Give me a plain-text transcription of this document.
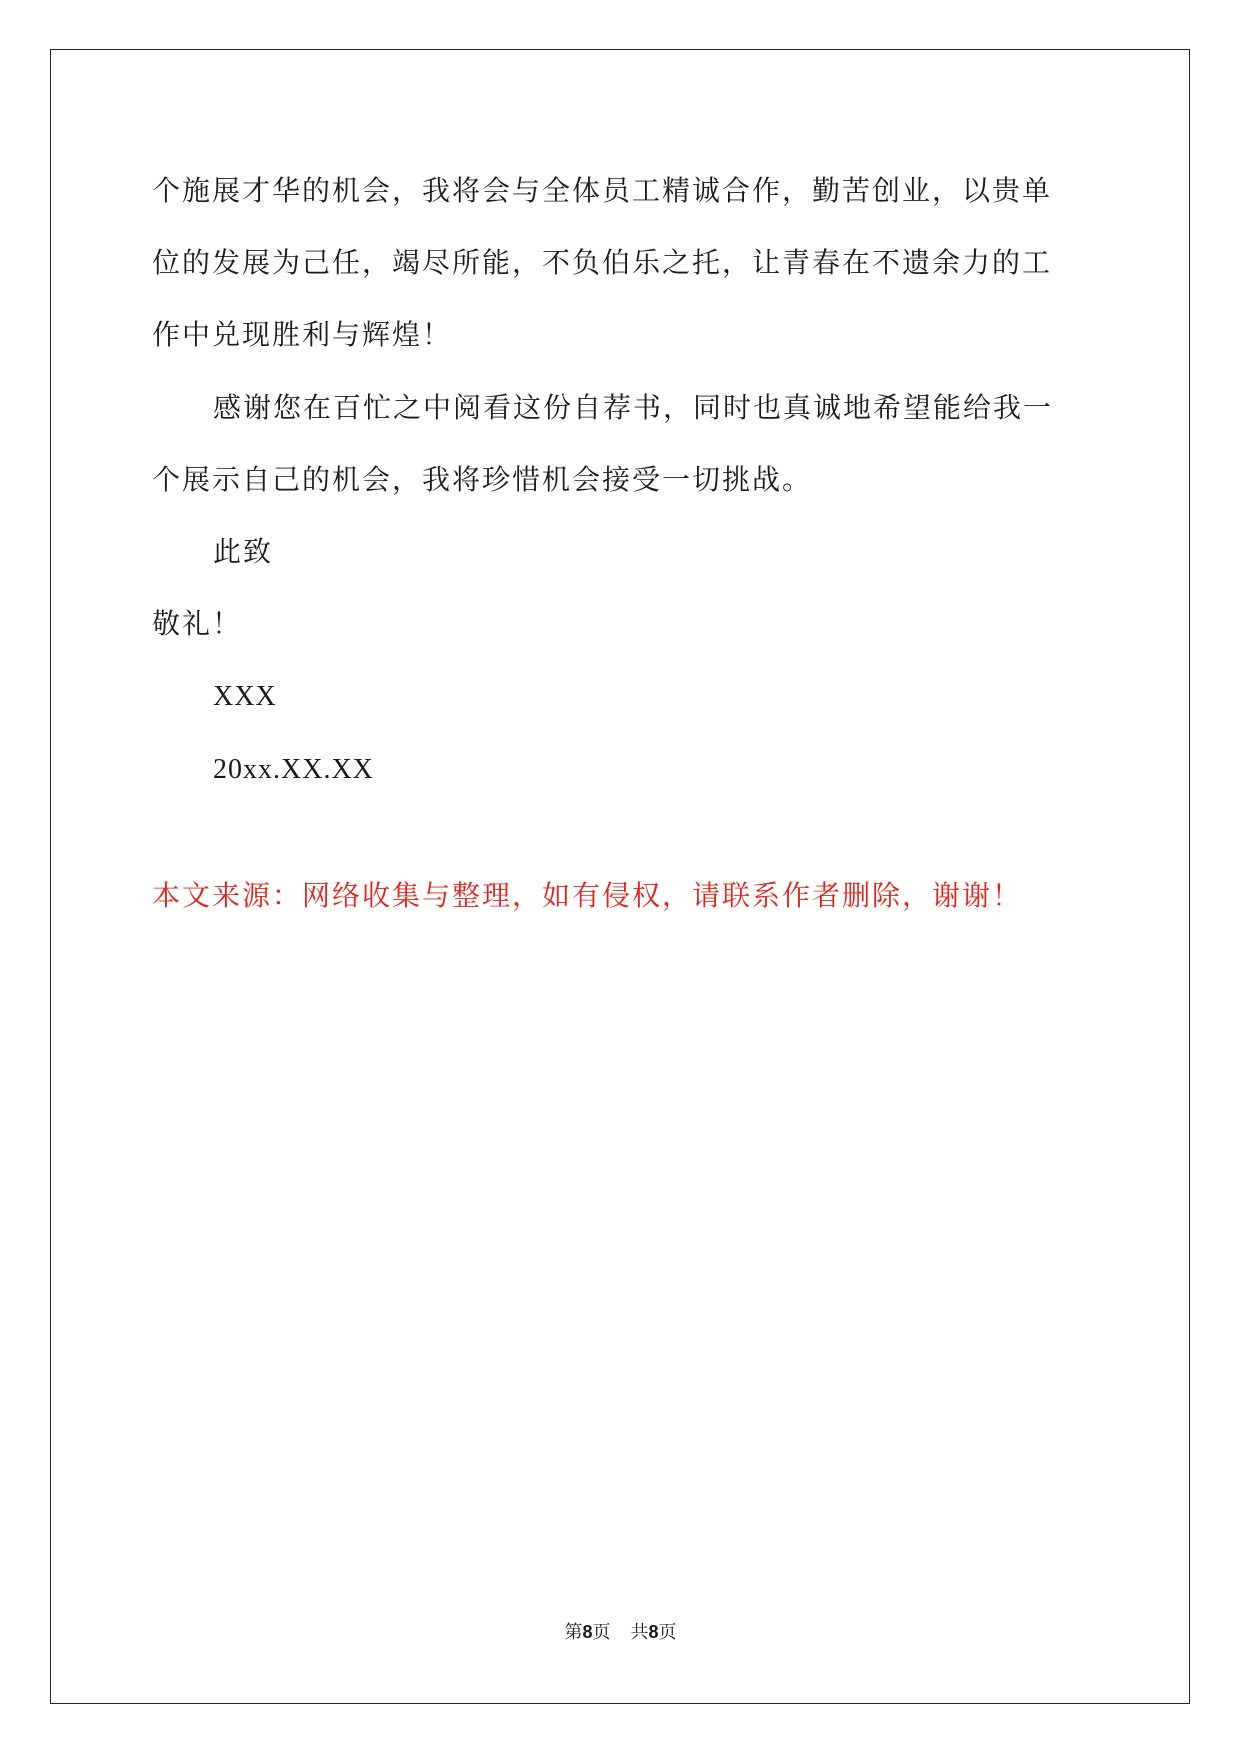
个施展才华的机会，我将会与全体员工精诚合作，勤苦创业，以贵单
位的发展为己任，竭尽所能，不负伯乐之托，让青春在不遗余力的工
作中兑现胜利与辉煌！
感谢您在百忙之中阅看这份自荐书，同时也真诚地希望能给我一
个展示自己的机会，我将珍惜机会接受一切挑战。
此致
敬礼！
XXX
20xx.XX.XX
本文来源：网络收集与整理，如有侵权，请联系作者删除，谢谢！
第8页 共8页
